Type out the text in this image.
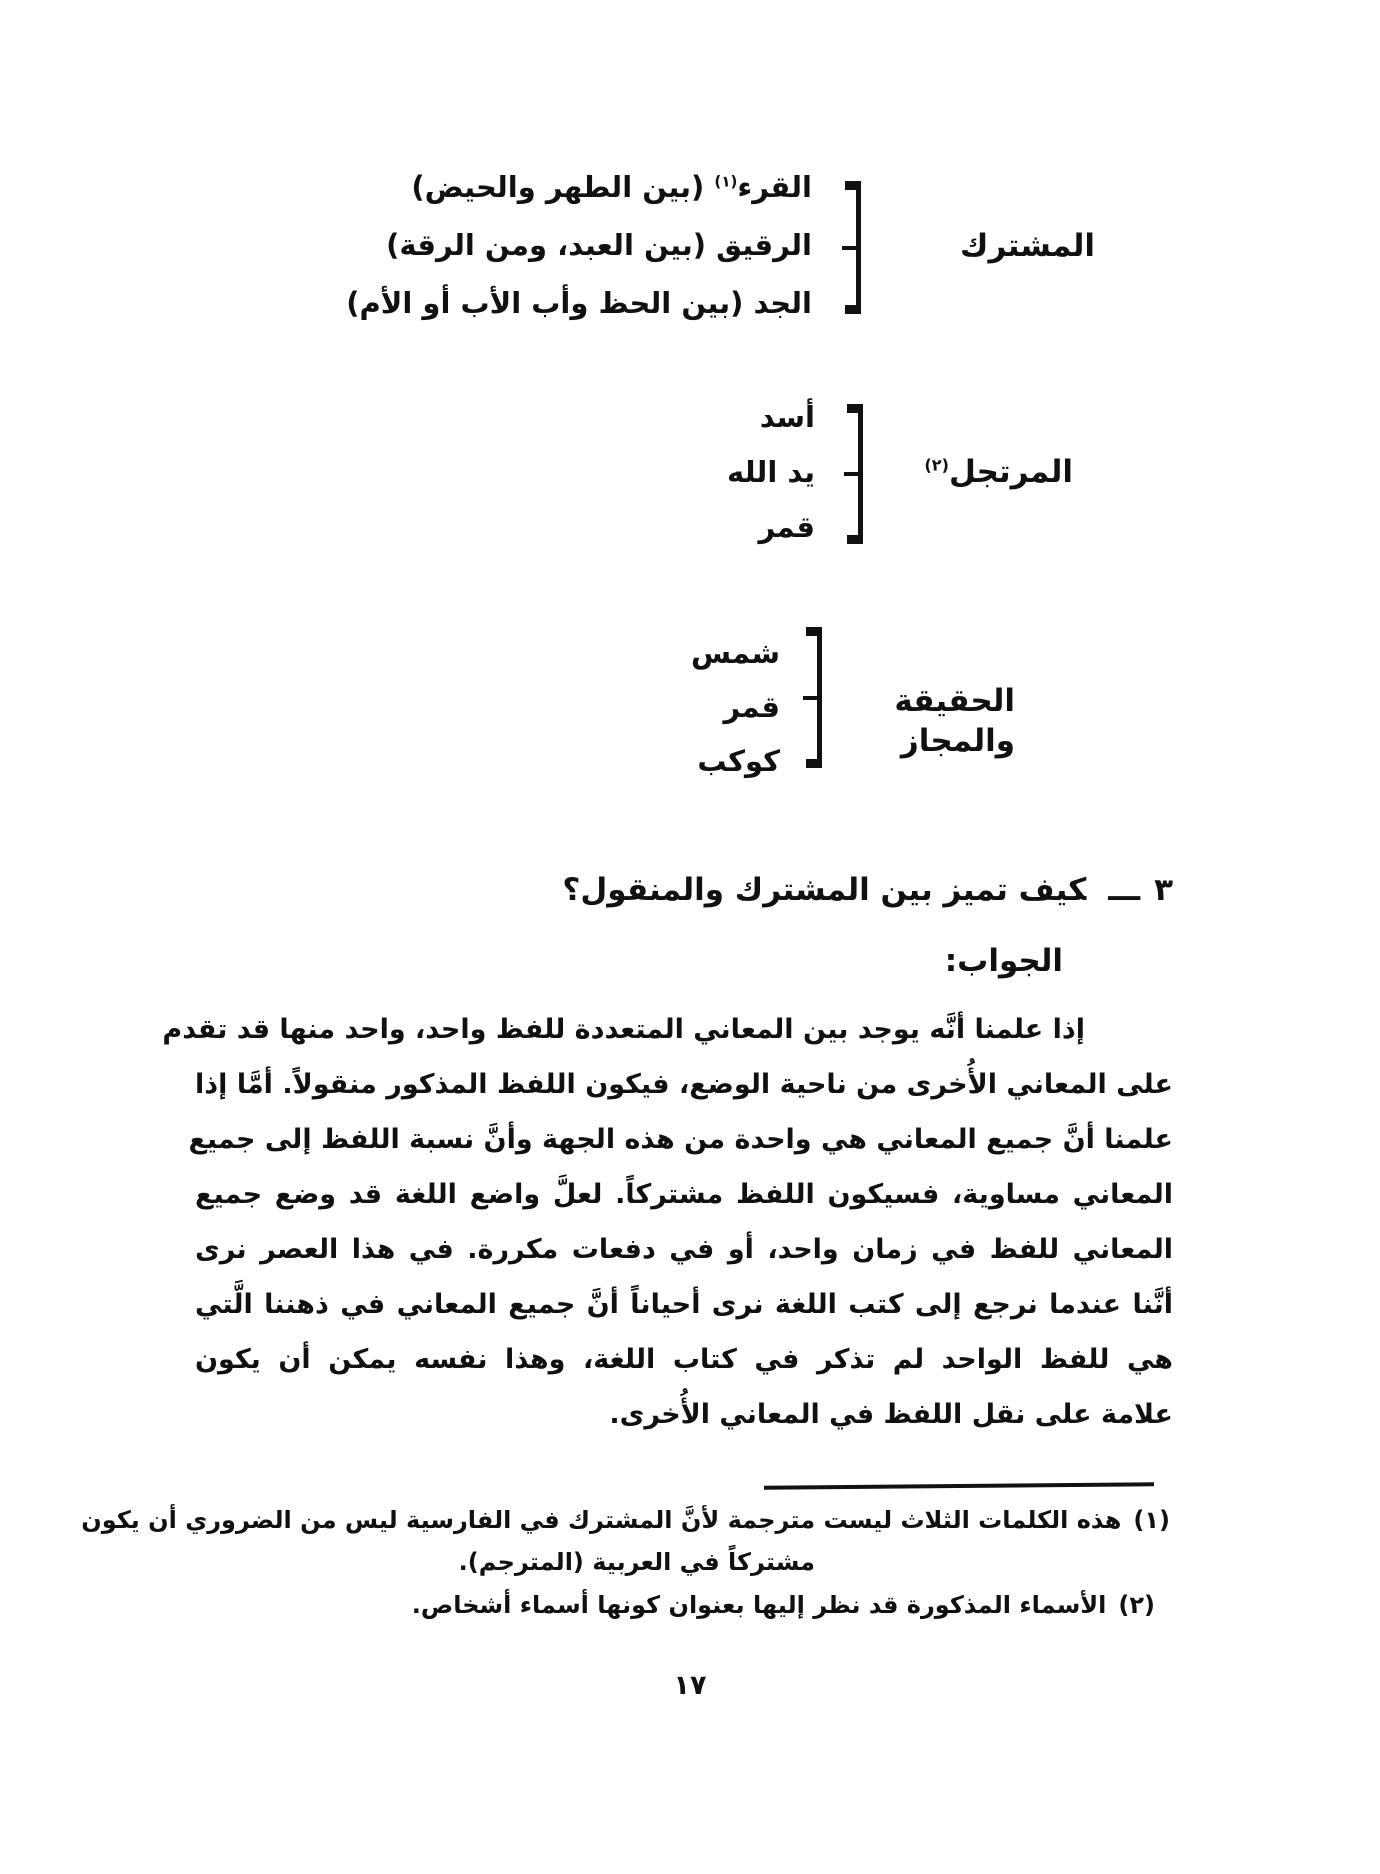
القرء$^{(١)}$ (بين الطهر والحيض)
الرقيق (بين العبد، ومن الرقة)
الجد (بين الحظ وأب الأب أو الأم)
المشترك
أسد
يد الله
قمر
المرتجل$^{(٢)}$
شمس
قمر
كوكب
الحقيقة والمجاز
٣ـــكيف تميز بين المشترك والمنقول؟
الجواب:
إذا علمنا أنَّه يوجد بين المعاني المتعددة للفظ واحد، واحد منها قد تقدم
على المعاني الأُخرى من ناحية الوضع، فيكون اللفظ المذكور منقولاً. أمَّا إذا
علمنا أنَّ جميع المعاني هي واحدة من هذه الجهة وأنَّ نسبة اللفظ إلى جميع
المعاني مساوية، فسيكون اللفظ مشتركاً. لعلَّ واضع اللغة قد وضع جميع
المعاني للفظ في زمان واحد، أو في دفعات مكررة. في هذا العصر نرى
أنَّنا عندما نرجع إلى كتب اللغة نرى أحياناً أنَّ جميع المعاني في ذهننا الَّتي
هي للفظ الواحد لم تذكر في كتاب اللغة، وهذا نفسه يمكن أن يكون
علامة على نقل اللفظ في المعاني الأُخرى.
(١)هذه الكلمات الثلاث ليست مترجمة لأنَّ المشترك في الفارسية ليس من الضروري أن يكون
مشتركاً في العربية (المترجم).
(٢)الأسماء المذكورة قد نظر إليها بعنوان كونها أسماء أشخاص.
١٧
